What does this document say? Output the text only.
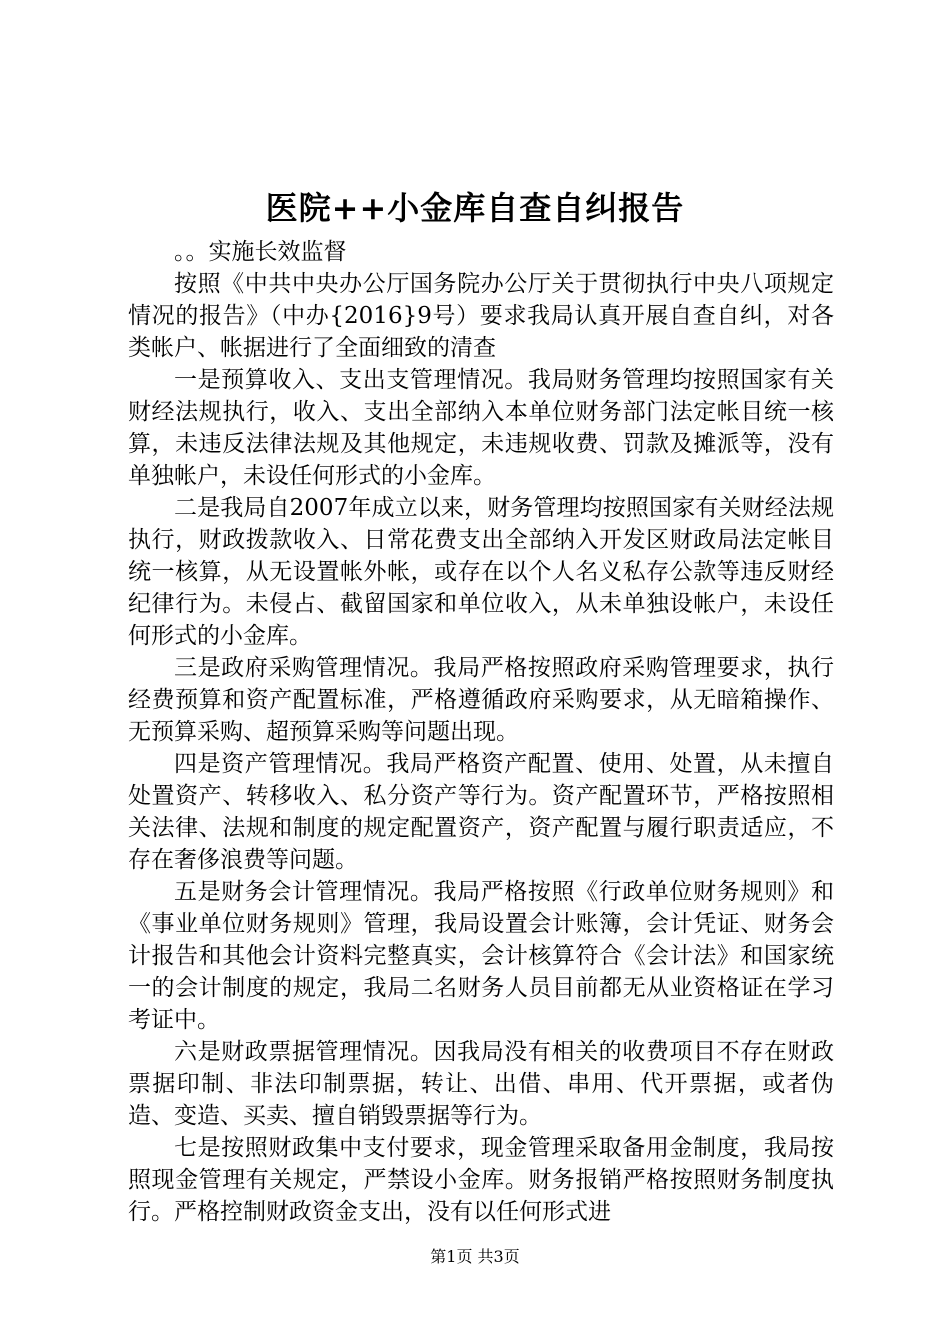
医院++小金库自查自纠报告

。。实施长效监督

按照《中共中央办公厅国务院办公厅关于贯彻执行中央八项规定情况的报告》（中办{2016}9号）要求我局认真开展自查自纠，对各类帐户、帐据进行了全面细致的清查

一是预算收入、支出支管理情况。我局财务管理均按照国家有关财经法规执行，收入、支出全部纳入本单位财务部门法定帐目统一核算，未违反法律法规及其他规定，未违规收费、罚款及摊派等，没有单独帐户，未设任何形式的小金库。

二是我局自2007年成立以来，财务管理均按照国家有关财经法规执行，财政拨款收入、日常花费支出全部纳入开发区财政局法定帐目统一核算，从无设置帐外帐，或存在以个人名义私存公款等违反财经纪律行为。未侵占、截留国家和单位收入，从未单独设帐户，未设任何形式的小金库。

三是政府采购管理情况。我局严格按照政府采购管理要求，执行经费预算和资产配置标准，严格遵循政府采购要求，从无暗箱操作、无预算采购、超预算采购等问题出现。

四是资产管理情况。我局严格资产配置、使用、处置，从未擅自处置资产、转移收入、私分资产等行为。资产配置环节，严格按照相关法律、法规和制度的规定配置资产，资产配置与履行职责适应，不存在奢侈浪费等问题。

五是财务会计管理情况。我局严格按照《行政单位财务规则》和《事业单位财务规则》管理，我局设置会计账簿，会计凭证、财务会计报告和其他会计资料完整真实，会计核算符合《会计法》和国家统一的会计制度的规定，我局二名财务人员目前都无从业资格证在学习考证中。

六是财政票据管理情况。因我局没有相关的收费项目不存在财政票据印制、非法印制票据，转让、出借、串用、代开票据，或者伪造、变造、买卖、擅自销毁票据等行为。

七是按照财政集中支付要求，现金管理采取备用金制度，我局按照现金管理有关规定，严禁设小金库。财务报销严格按照财务制度执行。严格控制财政资金支出，没有以任何形式进

第1页 共3页
